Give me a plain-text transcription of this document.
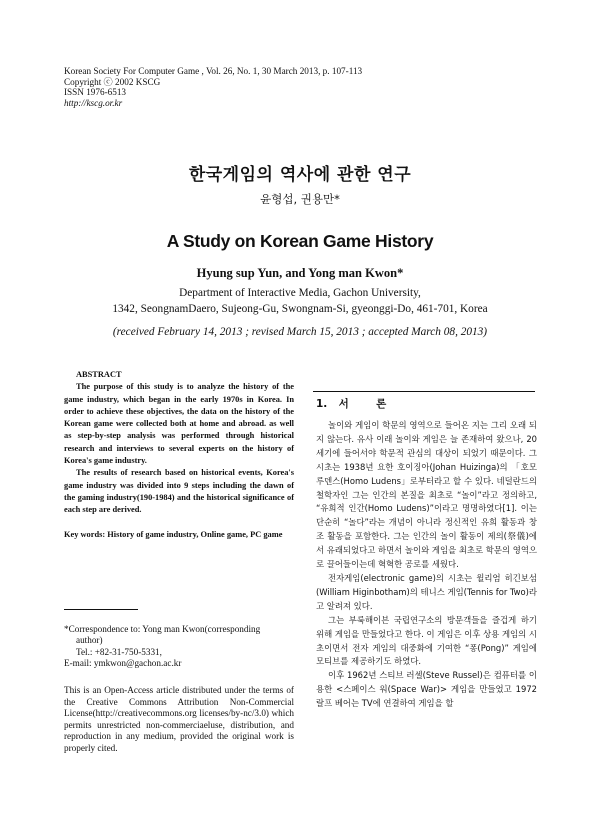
Korean Society For Computer Game , Vol. 26, No. 1, 30 March 2013, p. 107-113
Copyright ⓒ 2002 KSCG
ISSN 1976-6513
http://kscg.or.kr
한국게임의 역사에 관한 연구
윤형섭, 권용만*
A Study on Korean Game History
Hyung sup Yun, and Yong man Kwon*
Department of Interactive Media, Gachon University,
1342, SeongnamDaero, Sujeong-Gu, Swongnam-Si, gyeonggi-Do, 461-701, Korea
(received February 14, 2013 ; revised March 15, 2013 ; accepted March 08, 2013)
ABSTRACT
The purpose of this study is to analyze the history of the game industry, which began in the early 1970s in Korea. In order to achieve these objectives, the data on the history of the Korean game were collected both at home and abroad. as well as step-by-step analysis was performed through historical research and interviews to several experts on the history of Korea's game industry.
The results of research based on historical events, Korea's game industry was divided into 9 steps including the dawn of the gaming industry(190-1984) and the historical significance of each step are derived.
Key words: History of game industry, Online game, PC game
*Correspondence to: Yong man Kwon(corresponding
author)
Tel.: +82-31-750-5331,
E-mail: ymkwon@gachon.ac.kr
This is an Open-Access article distributed under the terms of the Creative Commons Attribution Non-Commercial License(http://creativecommons.org licenses/by-nc/3.0) which permits unrestricted non-commerciaеluse, distribution, and reproduction in any medium, provided the original work is properly cited.
1. 서	론

놀이와 게임이 학문의 영역으로 들어온 지는 그리 오래 되지 않는다. 유사 이래 놀이와 게임은 늘 존재하여 왔으나, 20세기에 들어서야 학문적 관심의 대상이 되었기 때문이다. 그 시초는 1938년 요한 호이징아(Johan Huizinga)의 「호모 루덴스(Homo Ludens」로부터라고 할 수 있다. 네덜란드의 철학자인 그는 인간의 본질을 최초로 “놀이”라고 정의하고, “유희적 인간(Homo Ludens)”이라고 명명하였다[1]. 이는 단순히 “놀다”라는 개념이 아니라 정신적인 유희 활동과 창조 활동을 포함한다. 그는 인간의 놀이 활동이 제의(祭儀)에서 유래되었다고 하면서 놀이와 게임을 최초로 학문의 영역으로 끌어들이는데 혁혁한 공로를 세웠다.

전자게임(electronic game)의 시초는 윌리엄 히긴보섬(William Higinbotham)의 테니스 게임(Tennis for Two)라고 알려져 있다.

그는 부룩해이븐 국립연구소의 방문객들을 즐겁게 하기 위해 게임을 만들었다고 한다. 이 게임은 이후 상용 게임의 시초이면서 전자 게임의 대중화에 기여한 “퐁(Pong)” 게임에 모티브를 제공하기도 하였다.

이후 1962년 스티브 러셀(Steve Russel)은 컴퓨터를 이용한 <스페이스 워(Space War)> 게임을 만들었고 1972 랄프 베어는 TV에 연결하여 게임을 할
